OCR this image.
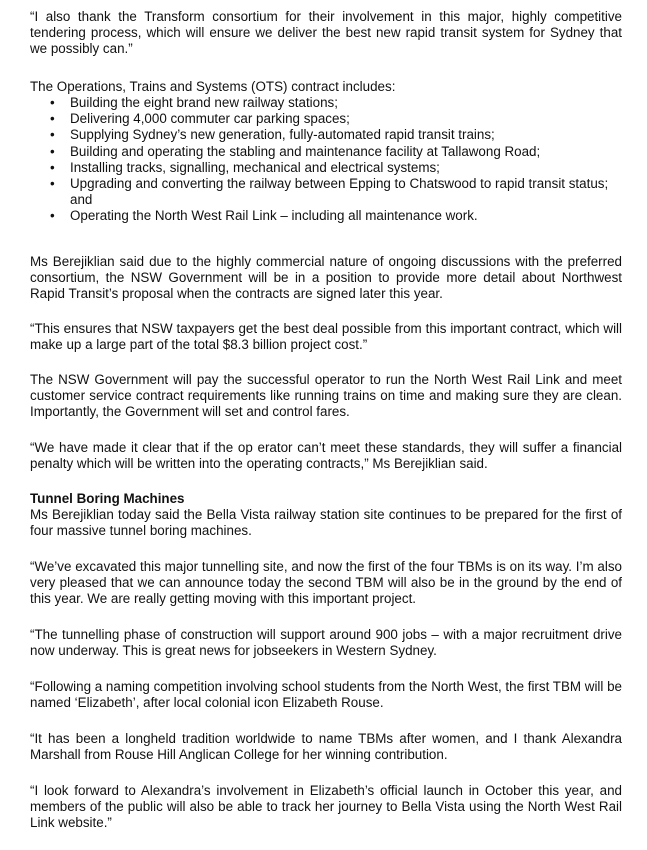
“I also thank the Transform consortium for their involvement in this major, highly competitive tendering process, which will ensure we deliver the best new rapid transit system for Sydney that we possibly can.”

The Operations, Trains and Systems (OTS) contract includes:

• Building the eight brand new railway stations;
• Delivering 4,000 commuter car parking spaces;
• Supplying Sydney’s new generation, fully-automated rapid transit trains;
• Building and operating the stabling and maintenance facility at Tallawong Road;
• Installing tracks, signalling, mechanical and electrical systems;
• Upgrading and converting the railway between Epping to Chatswood to rapid transit status; and
• Operating the North West Rail Link – including all maintenance work.

Ms Berejiklian said due to the highly commercial nature of ongoing discussions with the preferred consortium, the NSW Government will be in a position to provide more detail about Northwest Rapid Transit’s proposal when the contracts are signed later this year.

“This ensures that NSW taxpayers get the best deal possible from this important contract, which will make up a large part of the total $8.3 billion project cost.”

The NSW Government will pay the successful operator to run the North West Rail Link and meet customer service contract requirements like running trains on time and making sure they are clean. Importantly, the Government will set and control fares.

“We have made it clear that if the op erator can’t meet these standards, they will suffer a financial penalty which will be written into the operating contracts,” Ms Berejiklian said.

Tunnel Boring Machines

Ms Berejiklian today said the Bella Vista railway station site continues to be prepared for the first of four massive tunnel boring machines.

“We’ve excavated this major tunnelling site, and now the first of the four TBMs is on its way. I’m also very pleased that we can announce today the second TBM will also be in the ground by the end of this year. We are really getting moving with this important project.

“The tunnelling phase of construction will support around 900 jobs – with a major recruitment drive now underway. This is great news for jobseekers in Western Sydney.

“Following a naming competition involving school students from the North West, the first TBM will be named ‘Elizabeth’, after local colonial icon Elizabeth Rouse.

“It has been a longheld tradition worldwide to name TBMs after women, and I thank Alexandra Marshall from Rouse Hill Anglican College for her winning contribution.

“I look forward to Alexandra’s involvement in Elizabeth’s official launch in October this year, and members of the public will also be able to track her journey to Bella Vista using the North West Rail Link website.”
